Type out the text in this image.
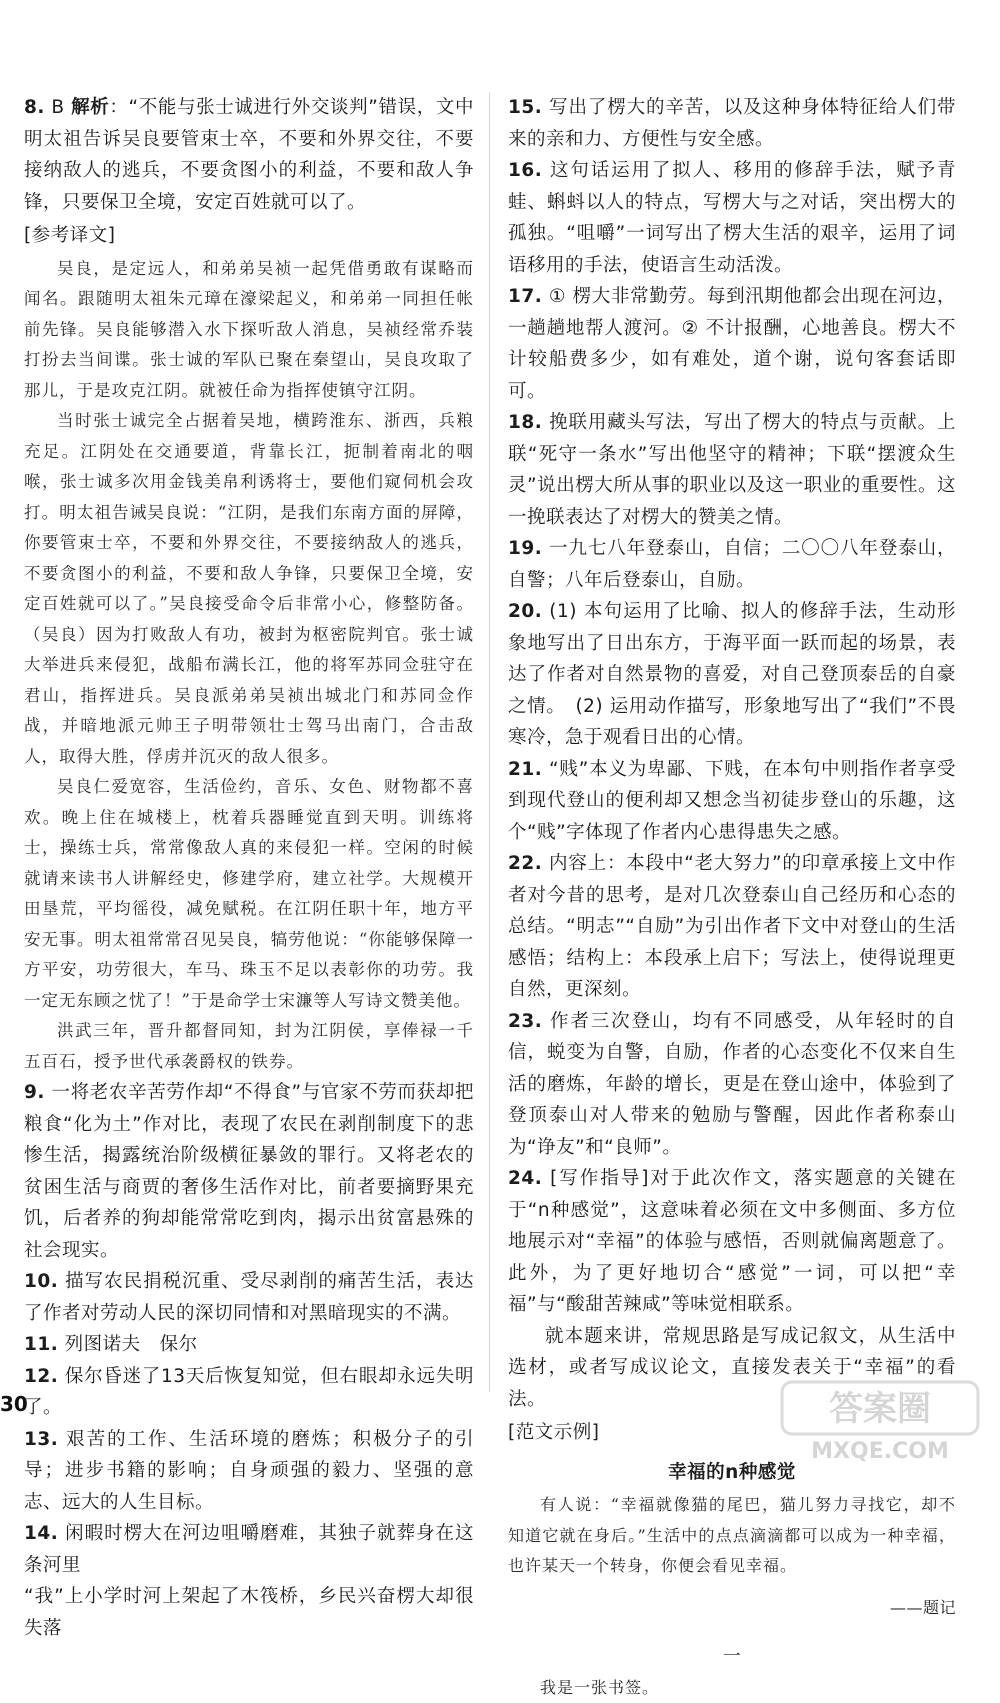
8. B 解析：“不能与张士诚进行外交谈判”错误，文中明太祖告诉吴良要管束士卒，不要和外界交往，不要接纳敌人的逃兵，不要贪图小的利益，不要和敌人争锋，只要保卫全境，安定百姓就可以了。

[参考译文]

吴良，是定远人，和弟弟吴祯一起凭借勇敢有谋略而闻名。跟随明太祖朱元璋在濠梁起义，和弟弟一同担任帐前先锋。吴良能够潜入水下探听敌人消息，吴祯经常乔装打扮去当间谍。张士诚的军队已聚在秦望山，吴良攻取了那儿，于是攻克江阴。就被任命为指挥使镇守江阴。

当时张士诚完全占据着吴地，横跨淮东、浙西，兵粮充足。江阴处在交通要道，背靠长江，扼制着南北的咽喉，张士诚多次用金钱美帛利诱将士，要他们窥伺机会攻打。明太祖告诫吴良说：“江阴，是我们东南方面的屏障，你要管束士卒，不要和外界交往，不要接纳敌人的逃兵，不要贪图小的利益，不要和敌人争锋，只要保卫全境，安定百姓就可以了。”吴良接受命令后非常小心，修整防备。（吴良）因为打败敌人有功，被封为枢密院判官。张士诚大举进兵来侵犯，战船布满长江，他的将军苏同佥驻守在君山，指挥进兵。吴良派弟弟吴祯出城北门和苏同佥作战，并暗地派元帅王子明带领壮士驾马出南门，合击敌人，取得大胜，俘虏并沉灭的敌人很多。

吴良仁爱宽容，生活俭约，音乐、女色、财物都不喜欢。晚上住在城楼上，枕着兵器睡觉直到天明。训练将士，操练士兵，常常像敌人真的来侵犯一样。空闲的时候就请来读书人讲解经史，修建学府，建立社学。大规模开田垦荒，平均徭役，减免赋税。在江阴任职十年，地方平安无事。明太祖常常召见吴良，犒劳他说：“你能够保障一方平安，功劳很大，车马、珠玉不足以表彰你的功劳。我一定无东顾之忧了！”于是命学士宋濂等人写诗文赞美他。

洪武三年，晋升都督同知，封为江阴侯，享俸禄一千五百石，授予世代承袭爵权的铁券。

9. 一将老农辛苦劳作却“不得食”与官家不劳而获却把粮食“化为土”作对比，表现了农民在剥削制度下的悲惨生活，揭露统治阶级横征暴敛的罪行。又将老农的贫困生活与商贾的奢侈生活作对比，前者要摘野果充饥，后者养的狗却能常常吃到肉，揭示出贫富悬殊的社会现实。

10. 描写农民捐税沉重、受尽剥削的痛苦生活，表达了作者对劳动人民的深切同情和对黑暗现实的不满。

11. 列图诺夫　保尔

12. 保尔昏迷了13天后恢复知觉，但右眼却永远失明了。

13. 艰苦的工作、生活环境的磨炼；积极分子的引导；进步书籍的影响；自身顽强的毅力、坚强的意志、远大的人生目标。

14. 闲暇时楞大在河边咀嚼磨难，其独子就葬身在这条河里

“我”上小学时河上架起了木筏桥，乡民兴奋楞大却很失落

15. 写出了楞大的辛苦，以及这种身体特征给人们带来的亲和力、方便性与安全感。

16. 这句话运用了拟人、移用的修辞手法，赋予青蛙、蝌蚪以人的特点，写楞大与之对话，突出楞大的孤独。“咀嚼”一词写出了楞大生活的艰辛，运用了词语移用的手法，使语言生动活泼。

17. ① 楞大非常勤劳。每到汛期他都会出现在河边，一趟趟地帮人渡河。② 不计报酬，心地善良。楞大不计较船费多少，如有难处，道个谢，说句客套话即可。

18. 挽联用藏头写法，写出了楞大的特点与贡献。上联“死守一条水”写出他坚守的精神；下联“摆渡众生灵”说出楞大所从事的职业以及这一职业的重要性。这一挽联表达了对楞大的赞美之情。

19. 一九七八年登泰山，自信；二〇〇八年登泰山，自警；八年后登泰山，自励。

20. (1) 本句运用了比喻、拟人的修辞手法，生动形象地写出了日出东方，于海平面一跃而起的场景，表达了作者对自然景物的喜爱，对自己登顶泰岳的自豪之情。　(2) 运用动作描写，形象地写出了“我们”不畏寒冷，急于观看日出的心情。

21. “贱”本义为卑鄙、下贱，在本句中则指作者享受到现代登山的便利却又想念当初徒步登山的乐趣，这个“贱”字体现了作者内心患得患失之感。

22. 内容上：本段中“老大努力”的印章承接上文中作者对今昔的思考，是对几次登泰山自己经历和心态的总结。“明志”“自励”为引出作者下文中对登山的生活感悟；结构上：本段承上启下；写法上，使得说理更自然，更深刻。

23. 作者三次登山，均有不同感受，从年轻时的自信，蜕变为自警，自励，作者的心态变化不仅来自生活的磨炼，年龄的增长，更是在登山途中，体验到了登顶泰山对人带来的勉励与警醒，因此作者称泰山为“诤友”和“良师”。

24. [写作指导]对于此次作文，落实题意的关键在于“n种感觉”，这意味着必须在文中多侧面、多方位地展示对“幸福”的体验与感悟，否则就偏离题意了。此外，为了更好地切合“感觉”一词，可以把“幸福”与“酸甜苦辣咸”等味觉相联系。

就本题来讲，常规思路是写成记叙文，从生活中选材，或者写成议论文，直接发表关于“幸福”的看法。

[范文示例]
幸福的n种感觉

有人说：“幸福就像猫的尾巴，猫儿努力寻找它，却不知道它就在身后。”生活中的点点滴滴都可以成为一种幸福，也许某天一个转身，你便会看见幸福。

——题记
一

我是一张书签。

30	答案圈
MXQE.COM
